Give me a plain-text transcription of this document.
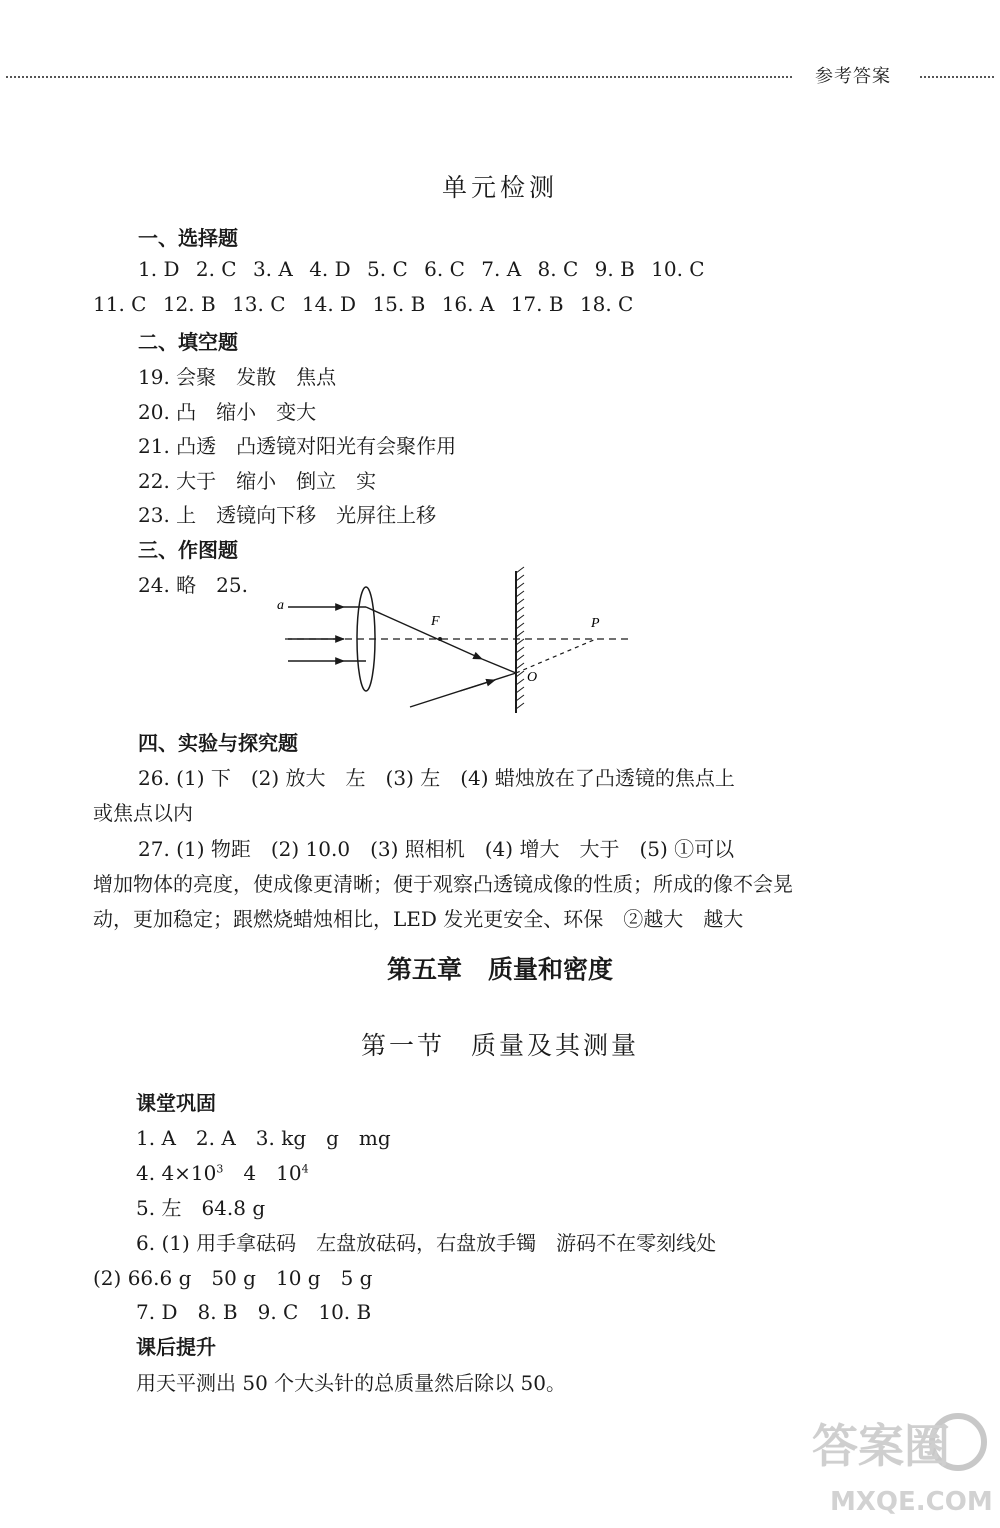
参考答案
单元检测
一、选择题
1. D 2. C 3. A 4. D 5. C 6. C 7. A 8. C 9. B 10. C
11. C 12. B 13. C 14. D 15. B 16. A 17. B 18. C
二、填空题
19. 会聚　发散　焦点
20. 凸　缩小　变大
21. 凸透　凸透镜对阳光有会聚作用
22. 大于　缩小　倒立　实
23. 上　透镜向下移　光屏往上移
三、作图题
24. 略　25.
a
F	P
O
四、实验与探究题
26. (1) 下　(2) 放大　左　(3) 左　(4) 蜡烛放在了凸透镜的焦点上
或焦点以内
27. (1) 物距　(2) 10.0　(3) 照相机　(4) 增大　大于　(5) ①可以
增加物体的亮度，使成像更清晰；便于观察凸透镜成像的性质；所成的像不会晃
动，更加稳定；跟燃烧蜡烛相比，LED 发光更安全、环保　②越大　越大
第五章 质量和密度
第一节 质量及其测量
课堂巩固
1. A　2. A　3. kg　g　mg
4. $4\times 10^3$　4　$10^4$
5. 左　64.8 g
6. (1) 用手拿砝码　左盘放砝码，右盘放手镯　游码不在零刻线处
(2) 66.6 g　50 g　10 g　5 g
7. D　8. B　9. C　10. B
课后提升
用天平测出 50 个大头针的总质量然后除以 50。
答案圈
MXQE.COM
